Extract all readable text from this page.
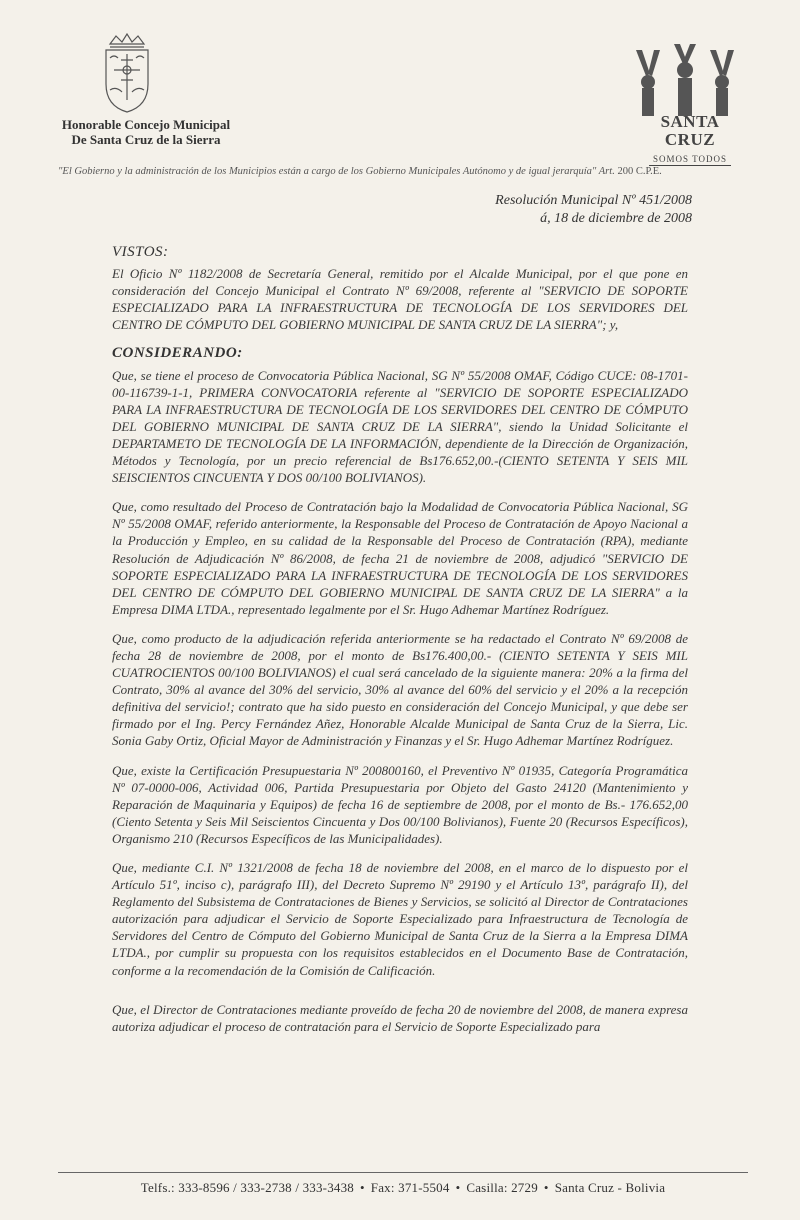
Honorable Concejo Municipal De Santa Cruz de la Sierra
SANTA CRUZ
SOMOS TODOS
"El Gobierno y la administración de los Municipios están a cargo de los Gobierno Municipales Autónomo y de igual jerarquía" Art. 200 C.P.E.
Resolución Municipal Nº 451/2008
á, 18 de diciembre de 2008
VISTOS:

El Oficio Nº 1182/2008 de Secretaría General, remitido por el Alcalde Municipal, por el que pone en consideración del Concejo Municipal el Contrato Nº 69/2008, referente al "SERVICIO DE SOPORTE ESPECIALIZADO PARA LA INFRAESTRUCTURA DE TECNOLOGÍA DE LOS SERVIDORES DEL CENTRO DE CÓMPUTO DEL GOBIERNO MUNICIPAL DE SANTA CRUZ DE LA SIERRA"; y,

CONSIDERANDO:

Que, se tiene el proceso de Convocatoria Pública Nacional, SG Nº 55/2008 OMAF, Código CUCE: 08-1701-00-116739-1-1, PRIMERA CONVOCATORIA referente al "SERVICIO DE SOPORTE ESPECIALIZADO PARA LA INFRAESTRUCTURA DE TECNOLOGÍA DE LOS SERVIDORES DEL CENTRO DE CÓMPUTO DEL GOBIERNO MUNICIPAL DE SANTA CRUZ DE LA SIERRA", siendo la Unidad Solicitante el DEPARTAMETO DE TECNOLOGÍA DE LA INFORMACIÓN, dependiente de la Dirección de Organización, Métodos y Tecnología, por un precio referencial de Bs176.652,00.-(CIENTO SETENTA Y SEIS MIL SEISCIENTOS CINCUENTA Y DOS 00/100 BOLIVIANOS).

Que, como resultado del Proceso de Contratación bajo la Modalidad de Convocatoria Pública Nacional, SG Nº 55/2008 OMAF, referido anteriormente, la Responsable del Proceso de Contratación de Apoyo Nacional a la Producción y Empleo, en su calidad de la Responsable del Proceso de Contratación (RPA), mediante Resolución de Adjudicación Nº 86/2008, de fecha 21 de noviembre de 2008, adjudicó "SERVICIO DE SOPORTE ESPECIALIZADO PARA LA INFRAESTRUCTURA DE TECNOLOGÍA DE LOS SERVIDORES DEL CENTRO DE CÓMPUTO DEL GOBIERNO MUNICIPAL DE SANTA CRUZ DE LA SIERRA" a la Empresa DIMA LTDA., representado legalmente por el Sr. Hugo Adhemar Martínez Rodríguez.

Que, como producto de la adjudicación referida anteriormente se ha redactado el Contrato Nº 69/2008 de fecha 28 de noviembre de 2008, por el monto de Bs176.400,00.- (CIENTO SETENTA Y SEIS MIL CUATROCIENTOS 00/100 BOLIVIANOS) el cual será cancelado de la siguiente manera: 20% a la firma del Contrato, 30% al avance del 30% del servicio, 30% al avance del 60% del servicio y el 20% a la recepción definitiva del servicio!; contrato que ha sido puesto en consideración del Concejo Municipal, y que debe ser firmado por el Ing. Percy Fernández Añez, Honorable Alcalde Municipal de Santa Cruz de la Sierra, Lic. Sonia Gaby Ortiz, Oficial Mayor de Administración y Finanzas y el Sr. Hugo Adhemar Martínez Rodríguez.

Que, existe la Certificación Presupuestaria Nº 200800160, el Preventivo Nº 01935, Categoría Programática Nº 07-0000-006, Actividad 006, Partida Presupuestaria por Objeto del Gasto 24120 (Mantenimiento y Reparación de Maquinaria y Equipos) de fecha 16 de septiembre de 2008, por el monto de Bs.- 176.652,00 (Ciento Setenta y Seis Mil Seiscientos Cincuenta y Dos 00/100 Bolivianos), Fuente 20 (Recursos Específicos), Organismo 210 (Recursos Específicos de las Municipalidades).

Que, mediante C.I. Nº 1321/2008 de fecha 18 de noviembre del 2008, en el marco de lo dispuesto por el Artículo 51º, inciso c), parágrafo III), del Decreto Supremo Nº 29190 y el Artículo 13º, parágrafo II), del Reglamento del Subsistema de Contrataciones de Bienes y Servicios, se solicitó al Director de Contrataciones autorización para adjudicar el Servicio de Soporte Especializado para Infraestructura de Tecnología de Servidores del Centro de Cómputo del Gobierno Municipal de Santa Cruz de la Sierra a la Empresa DIMA LTDA., por cumplir su propuesta con los requisitos establecidos en el Documento Base de Contratación, conforme a la recomendación de la Comisión de Calificación.

Que, el Director de Contrataciones mediante proveído de fecha 20 de noviembre del 2008, de manera expresa autoriza adjudicar el proceso de contratación para el Servicio de Soporte Especializado para

Telfs.: 333-8596 / 333-2738 / 333-3438 • Fax: 371-5504 • Casilla: 2729 • Santa Cruz - Bolivia
